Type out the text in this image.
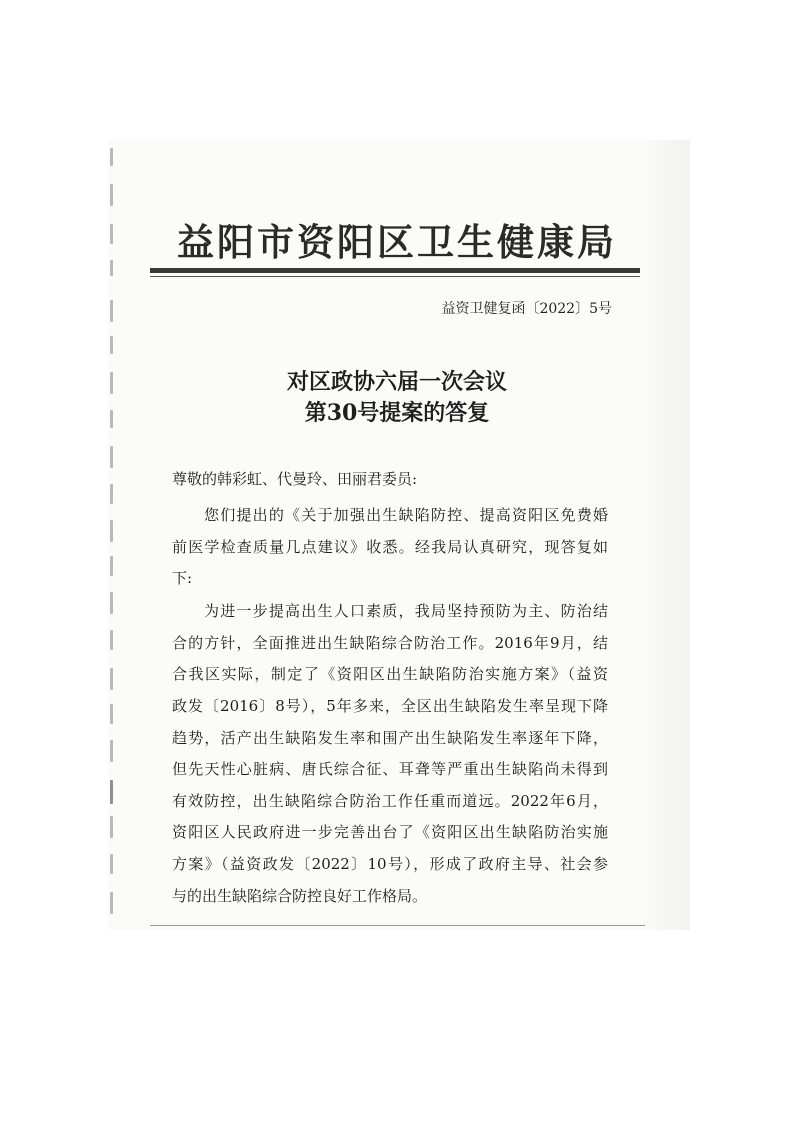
益阳市资阳区卫生健康局
益资卫健复函〔2022〕5号
对区政协六届一次会议
第30号提案的答复
尊敬的韩彩虹、代曼玲、田丽君委员:
您们提出的《关于加强出生缺陷防控、提高资阳区免费婚
前医学检查质量几点建议》收悉。经我局认真研究，现答复如
下:
为进一步提高出生人口素质，我局坚持预防为主、防治结
合的方针，全面推进出生缺陷综合防治工作。2016年9月，结
合我区实际，制定了《资阳区出生缺陷防治实施方案》（益资
政发〔2016〕8号），5年多来，全区出生缺陷发生率呈现下降
趋势，活产出生缺陷发生率和围产出生缺陷发生率逐年下降，
但先天性心脏病、唐氏综合征、耳聋等严重出生缺陷尚未得到
有效防控，出生缺陷综合防治工作任重而道远。2022年6月，
资阳区人民政府进一步完善出台了《资阳区出生缺陷防治实施
方案》（益资政发〔2022〕10号），形成了政府主导、社会参
与的出生缺陷综合防控良好工作格局。
